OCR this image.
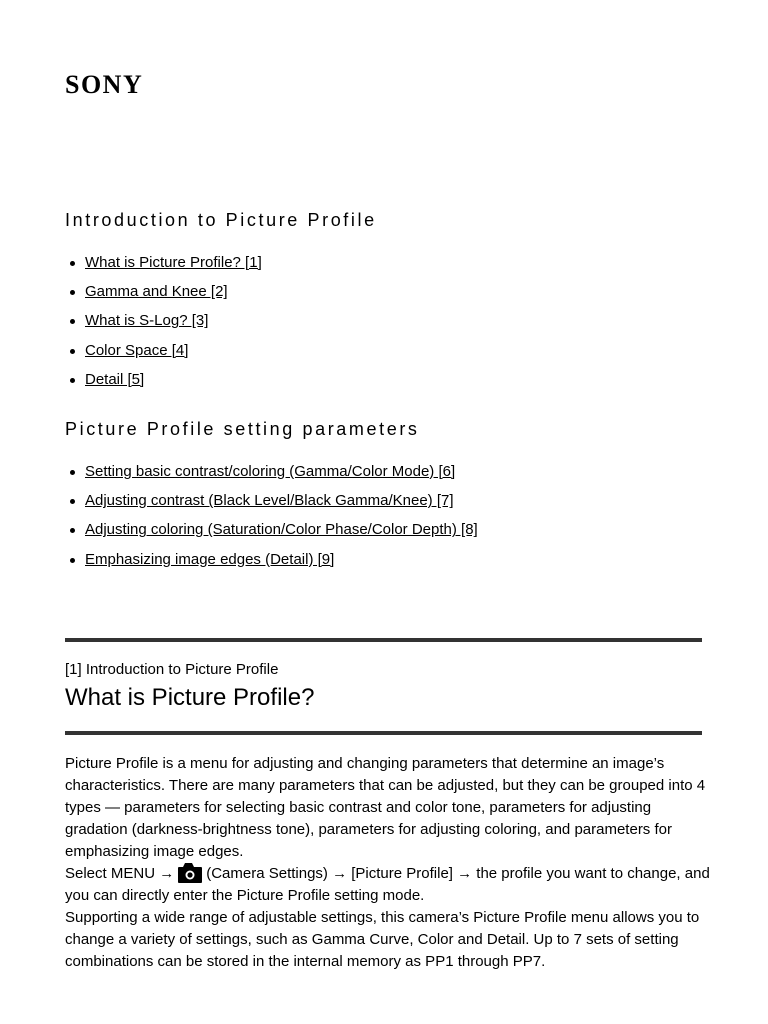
SONY
Introduction to Picture Profile
What is Picture Profile? [1]
Gamma and Knee [2]
What is S-Log? [3]
Color Space [4]
Detail [5]
Picture Profile setting parameters
Setting basic contrast/coloring (Gamma/Color Mode) [6]
Adjusting contrast (Black Level/Black Gamma/Knee) [7]
Adjusting coloring (Saturation/Color Phase/Color Depth) [8]
Emphasizing image edges (Detail) [9]
[1] Introduction to Picture Profile
What is Picture Profile?

Picture Profile is a menu for adjusting and changing parameters that determine an image’s characteristics. There are many parameters that can be adjusted, but they can be grouped into 4 types — parameters for selecting basic contrast and color tone, parameters for adjusting gradation (darkness-brightness tone), parameters for adjusting coloring, and parameters for emphasizing image edges.

Select MENU → (Camera Settings) → [Picture Profile] → the profile you want to change, and you can directly enter the Picture Profile setting mode.

Supporting a wide range of adjustable settings, this camera’s Picture Profile menu allows you to change a variety of settings, such as Gamma Curve, Color and Detail. Up to 7 sets of setting combinations can be stored in the internal memory as PP1 through PP7.
